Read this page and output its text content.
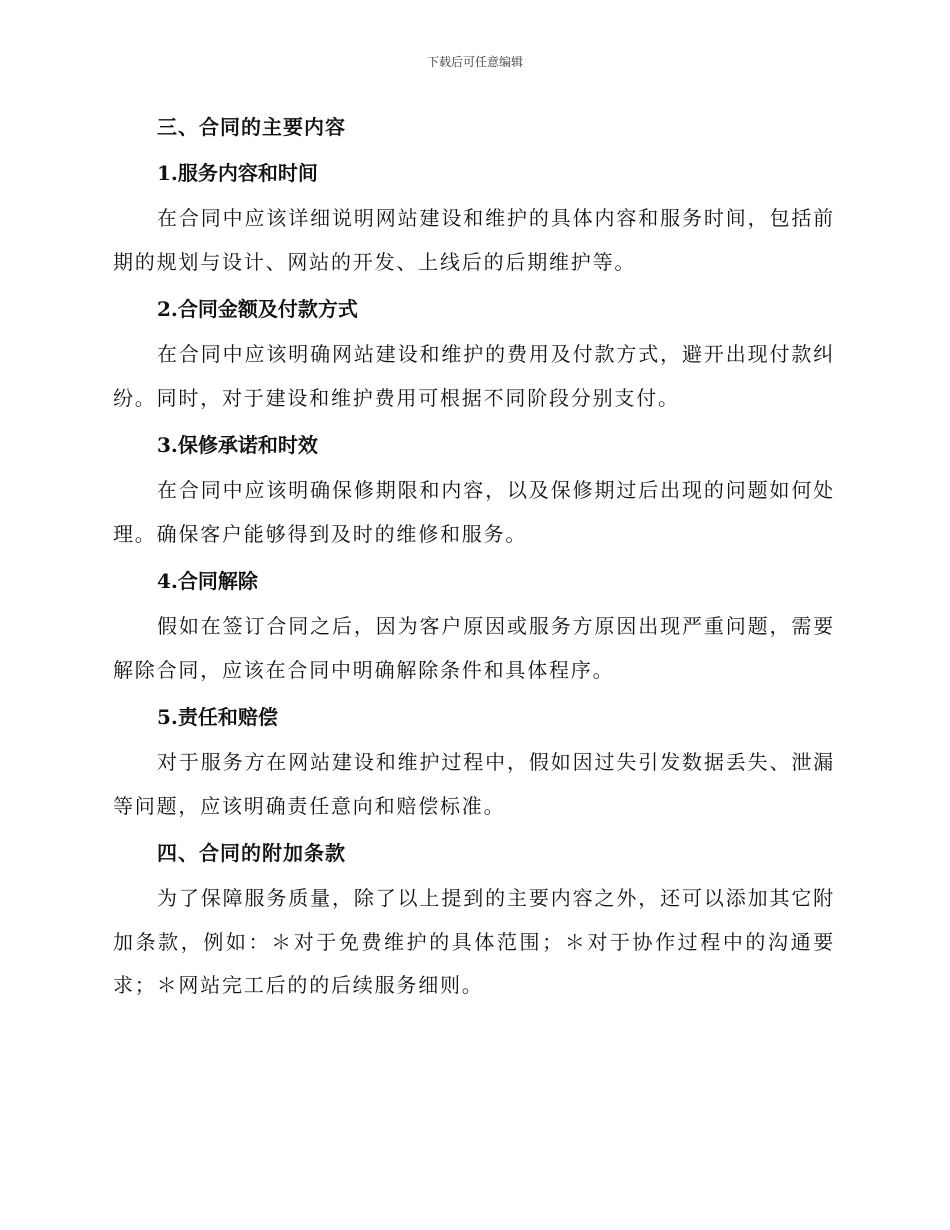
下载后可任意编辑
三、合同的主要内容
1.服务内容和时间

在合同中应该详细说明网站建设和维护的具体内容和服务时间，包括前期的规划与设计、网站的开发、上线后的后期维护等。

2.合同金额及付款方式

在合同中应该明确网站建设和维护的费用及付款方式，避开出现付款纠纷。同时，对于建设和维护费用可根据不同阶段分别支付。

3.保修承诺和时效

在合同中应该明确保修期限和内容，以及保修期过后出现的问题如何处理。确保客户能够得到及时的维修和服务。

4.合同解除

假如在签订合同之后，因为客户原因或服务方原因出现严重问题，需要解除合同，应该在合同中明确解除条件和具体程序。

5.责任和赔偿

对于服务方在网站建设和维护过程中，假如因过失引发数据丢失、泄漏等问题，应该明确责任意向和赔偿标准。

四、合同的附加条款

为了保障服务质量，除了以上提到的主要内容之外，还可以添加其它附加条款，例如：＊对于免费维护的具体范围；＊对于协作过程中的沟通要求；＊网站完工后的的后续服务细则。
